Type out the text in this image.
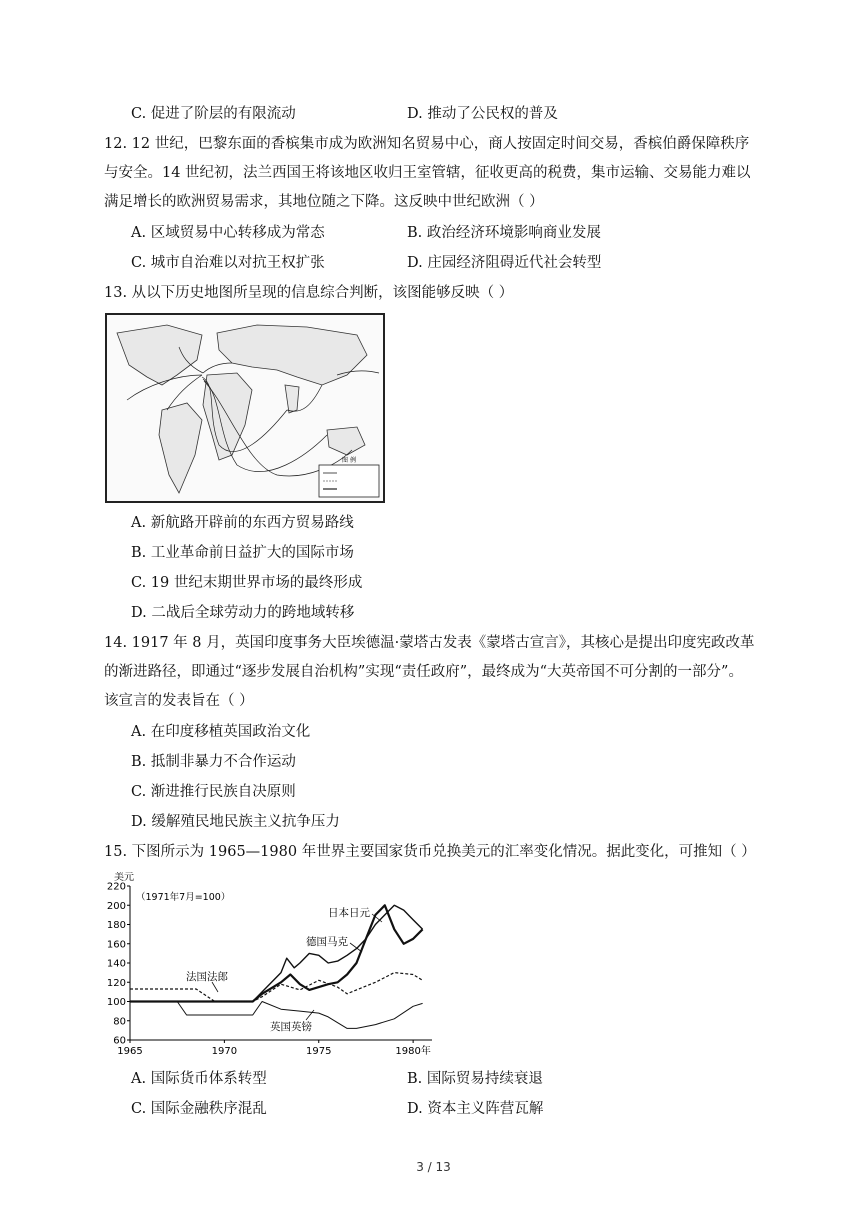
C. 促进了阶层的有限流动	D. 推动了公民权的普及
12. 12 世纪，巴黎东面的香槟集市成为欧洲知名贸易中心，商人按固定时间交易，香槟伯爵保障秩序
与安全。14 世纪初，法兰西国王将该地区收归王室管辖，征收更高的税费，集市运输、交易能力难以
满足增长的欧洲贸易需求，其地位随之下降。这反映中世纪欧洲（ ）
A. 区域贸易中心转移成为常态	B. 政治经济环境影响商业发展
C. 城市自治难以对抗王权扩张	D. 庄园经济阻碍近代社会转型
13. 从以下历史地图所呈现的信息综合判断，该图能够反映（ ）
图 例
A. 新航路开辟前的东西方贸易路线
B. 工业革命前日益扩大的国际市场
C. 19 世纪末期世界市场的最终形成
D. 二战后全球劳动力的跨地域转移
14. 1917 年 8 月，英国印度事务大臣埃德温·蒙塔古发表《蒙塔古宣言》，其核心是提出印度宪政改革
的渐进路径，即通过“逐步发展自治机构”实现“责任政府”，最终成为“大英帝国不可分割的一部分”。
该宣言的发表旨在（ ）
A. 在印度移植英国政治文化
B. 抵制非暴力不合作运动
C. 渐进推行民族自决原则
D. 缓解殖民地民族主义抗争压力
15. 下图所示为 1965—1980 年世界主要国家货币兑换美元的汇率变化情况。据此变化，可推知（ ）
60
80
100
120
140
160
180
200
220
1965	1970	1975	1980年
美元
（1971年7月=100）
日本日元
德国马克
法国法郎
英国英镑
A. 国际货币体系转型	B. 国际贸易持续衰退
C. 国际金融秩序混乱	D. 资本主义阵营瓦解
3 / 13
